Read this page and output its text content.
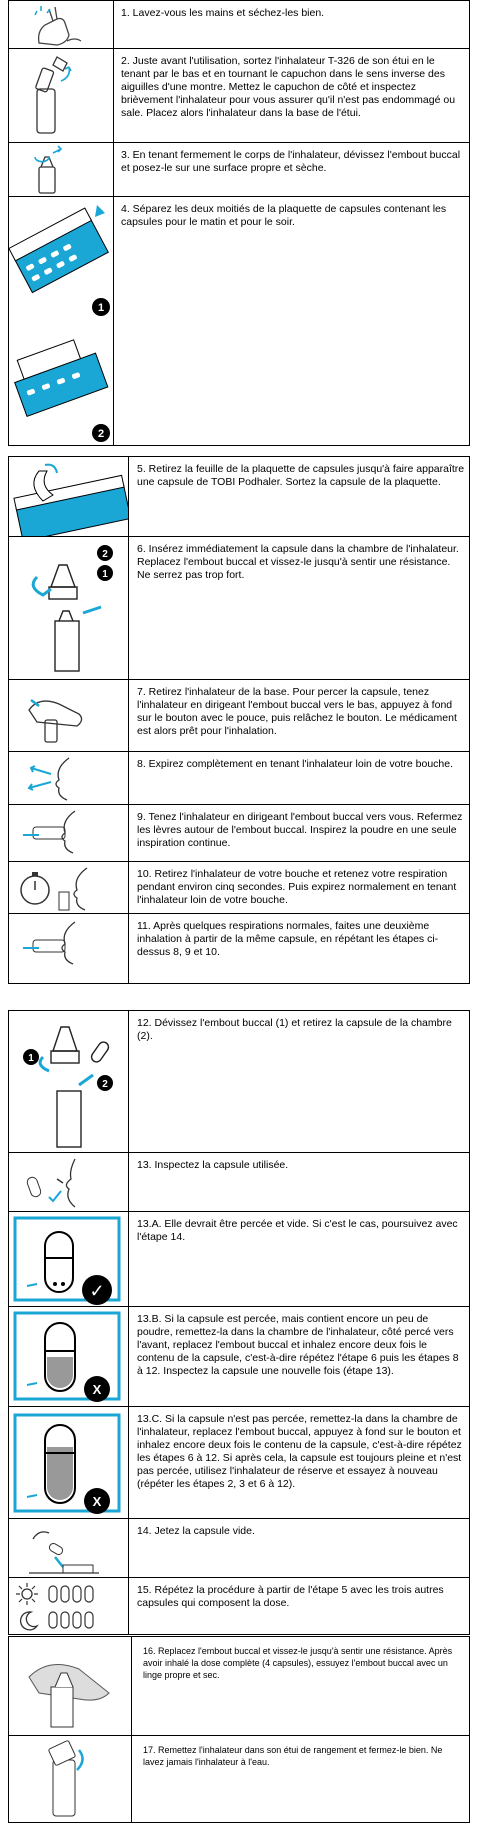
1. Lavez-vous les mains et séchez-les bien.
2. Juste avant l'utilisation, sortez l'inhalateur T-326 de son étui en le tenant par le bas et en tournant le capuchon dans le sens inverse des aiguilles d'une montre. Mettez le capuchon de côté et inspectez brièvement l'inhalateur pour vous assurer qu'il n'est pas endommagé ou sale. Placez alors l'inhalateur dans la base de l'étui.
3. En tenant fermement le corps de l'inhalateur, dévissez l'embout buccal et posez-le sur une surface propre et sèche.
1
2
4. Séparez les deux moitiés de la plaquette de capsules contenant les capsules pour le matin et pour le soir.
5. Retirez la feuille de la plaquette de capsules jusqu'à faire apparaître une capsule de TOBI Podhaler. Sortez la capsule de la plaquette.
2
1
6. Insérez immédiatement la capsule dans la chambre de l'inhalateur. Replacez l'embout buccal et vissez-le jusqu'à sentir une résistance. Ne serrez pas trop fort.
7. Retirez l'inhalateur de la base. Pour percer la capsule, tenez l'inhalateur en dirigeant l'embout buccal vers le bas, appuyez à fond sur le bouton avec le pouce, puis relâchez le bouton. Le médicament est alors prêt pour l'inhalation.
8. Expirez complètement en tenant l'inhalateur loin de votre bouche.
9. Tenez l'inhalateur en dirigeant l'embout buccal vers vous. Refermez les lèvres autour de l'embout buccal. Inspirez la poudre en une seule inspiration continue.
10. Retirez l'inhalateur de votre bouche et retenez votre respiration pendant environ cinq secondes. Puis expirez normalement en tenant l'inhalateur loin de votre bouche.
11. Après quelques respirations normales, faites une deuxième inhalation à partir de la même capsule, en répétant les étapes ci-dessus 8, 9 et 10.
1
2
12. Dévissez l'embout buccal (1) et retirez la capsule de la chambre (2).
13. Inspectez la capsule utilisée.
✓
13.A. Elle devrait être percée et vide. Si c'est le cas, poursuivez avec l'étape 14.
X
13.B. Si la capsule est percée, mais contient encore un peu de poudre, remettez-la dans la chambre de l'inhalateur, côté percé vers l'avant, replacez l'embout buccal et inhalez encore deux fois le contenu de la capsule, c'est-à-dire répétez l'étape 6 puis les étapes 8 à 12. Inspectez la capsule une nouvelle fois (étape 13).
X
13.C. Si la capsule n'est pas percée, remettez-la dans la chambre de l'inhalateur, replacez l'embout buccal, appuyez à fond sur le bouton et inhalez encore deux fois le contenu de la capsule, c'est-à-dire répétez les étapes 6 à 12. Si après cela, la capsule est toujours pleine et n'est pas percée, utilisez l'inhalateur de réserve et essayez à nouveau (répéter les étapes 2, 3 et 6 à 12).
14. Jetez la capsule vide.
15. Répétez la procédure à partir de l'étape 5 avec les trois autres capsules qui composent la dose.
16. Replacez l'embout buccal et vissez-le jusqu'à sentir une résistance. Après avoir inhalé la dose complète (4 capsules), essuyez l'embout buccal avec un linge propre et sec.
17. Remettez l'inhalateur dans son étui de rangement et fermez-le bien. Ne lavez jamais l'inhalateur à l'eau.
